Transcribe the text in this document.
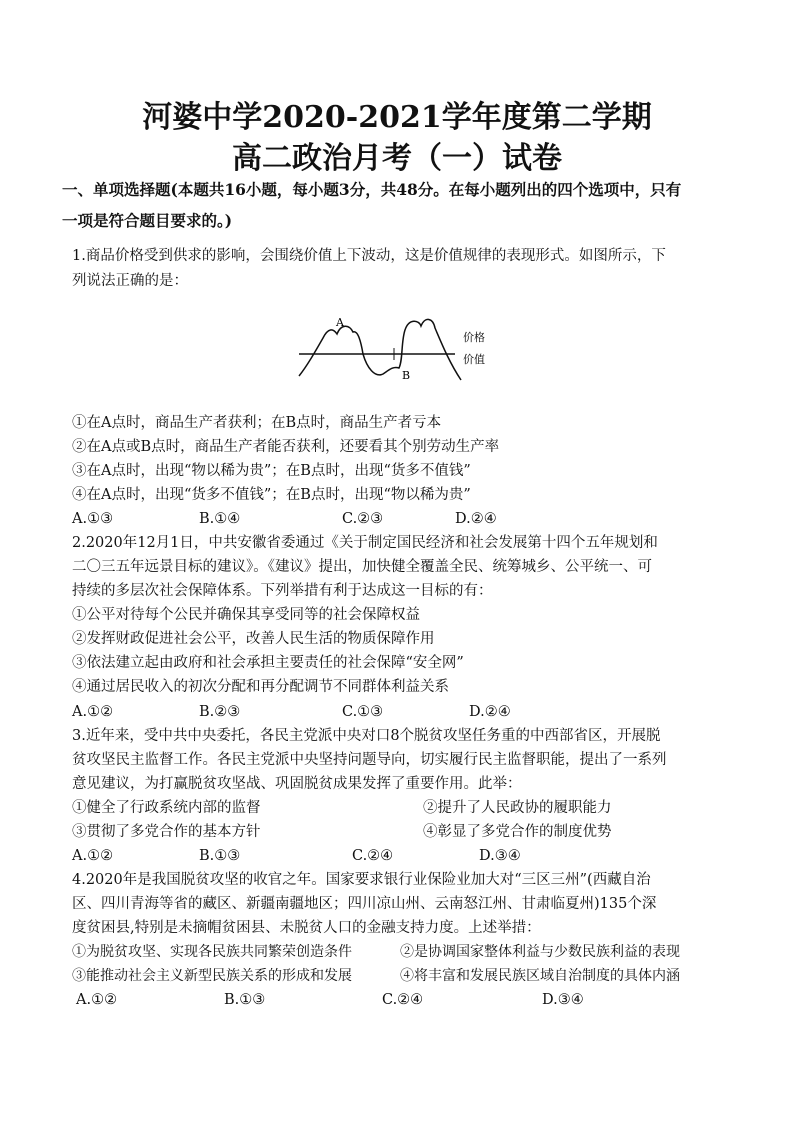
河婆中学2020-2021学年度第二学期
高二政治月考（一）试卷

一、单项选择题(本题共16小题，每小题3分，共48分。在每小题列出的四个选项中，只有

一项是符合题目要求的。)

1.商品价格受到供求的影响，会围绕价值上下波动，这是价值规律的表现形式。如图所示，下

列说法正确的是：

A
B
价格
价值

①在A点时，商品生产者获利；在B点时，商品生产者亏本

②在A点或B点时，商品生产者能否获利，还要看其个别劳动生产率

③在A点时，出现“物以稀为贵”；在B点时，出现“货多不值钱”

④在A点时，出现“货多不值钱”；在B点时，出现“物以稀为贵”

A.①③	B.①④	C.②③	D.②④

2.2020年12月1日，中共安徽省委通过《关于制定国民经济和社会发展第十四个五年规划和

二〇三五年远景目标的建议》。《建议》提出，加快健全覆盖全民、统筹城乡、公平统一、可

持续的多层次社会保障体系。下列举措有利于达成这一目标的有：

①公平对待每个公民并确保其享受同等的社会保障权益

②发挥财政促进社会公平，改善人民生活的物质保障作用

③依法建立起由政府和社会承担主要责任的社会保障“安全网”

④通过居民收入的初次分配和再分配调节不同群体利益关系

A.①②	B.②③	C.①③	D.②④

3.近年来，受中共中央委托，各民主党派中央对口8个脱贫攻坚任务重的中西部省区，开展脱

贫攻坚民主监督工作。各民主党派中央坚持问题导向，切实履行民主监督职能，提出了一系列

意见建议，为打赢脱贫攻坚战、巩固脱贫成果发挥了重要作用。此举：

①健全了行政系统内部的监督	②提升了人民政协的履职能力
③贯彻了多党合作的基本方针	④彰显了多党合作的制度优势
A.①②	B.①③	C.②④	D.③④

4.2020年是我国脱贫攻坚的收官之年。国家要求银行业保险业加大对“三区三州”(西藏自治

区、四川青海等省的藏区、新疆南疆地区；四川凉山州、云南怒江州、甘肃临夏州)135个深

度贫困县,特别是未摘帽贫困县、未脱贫人口的金融支持力度。上述举措：

①为脱贫攻坚、实现各民族共同繁荣创造条件	②是协调国家整体利益与少数民族利益的表现
③能推动社会主义新型民族关系的形成和发展	④将丰富和发展民族区域自治制度的具体内涵
A.①②	B.①③	C.②④	D.③④
